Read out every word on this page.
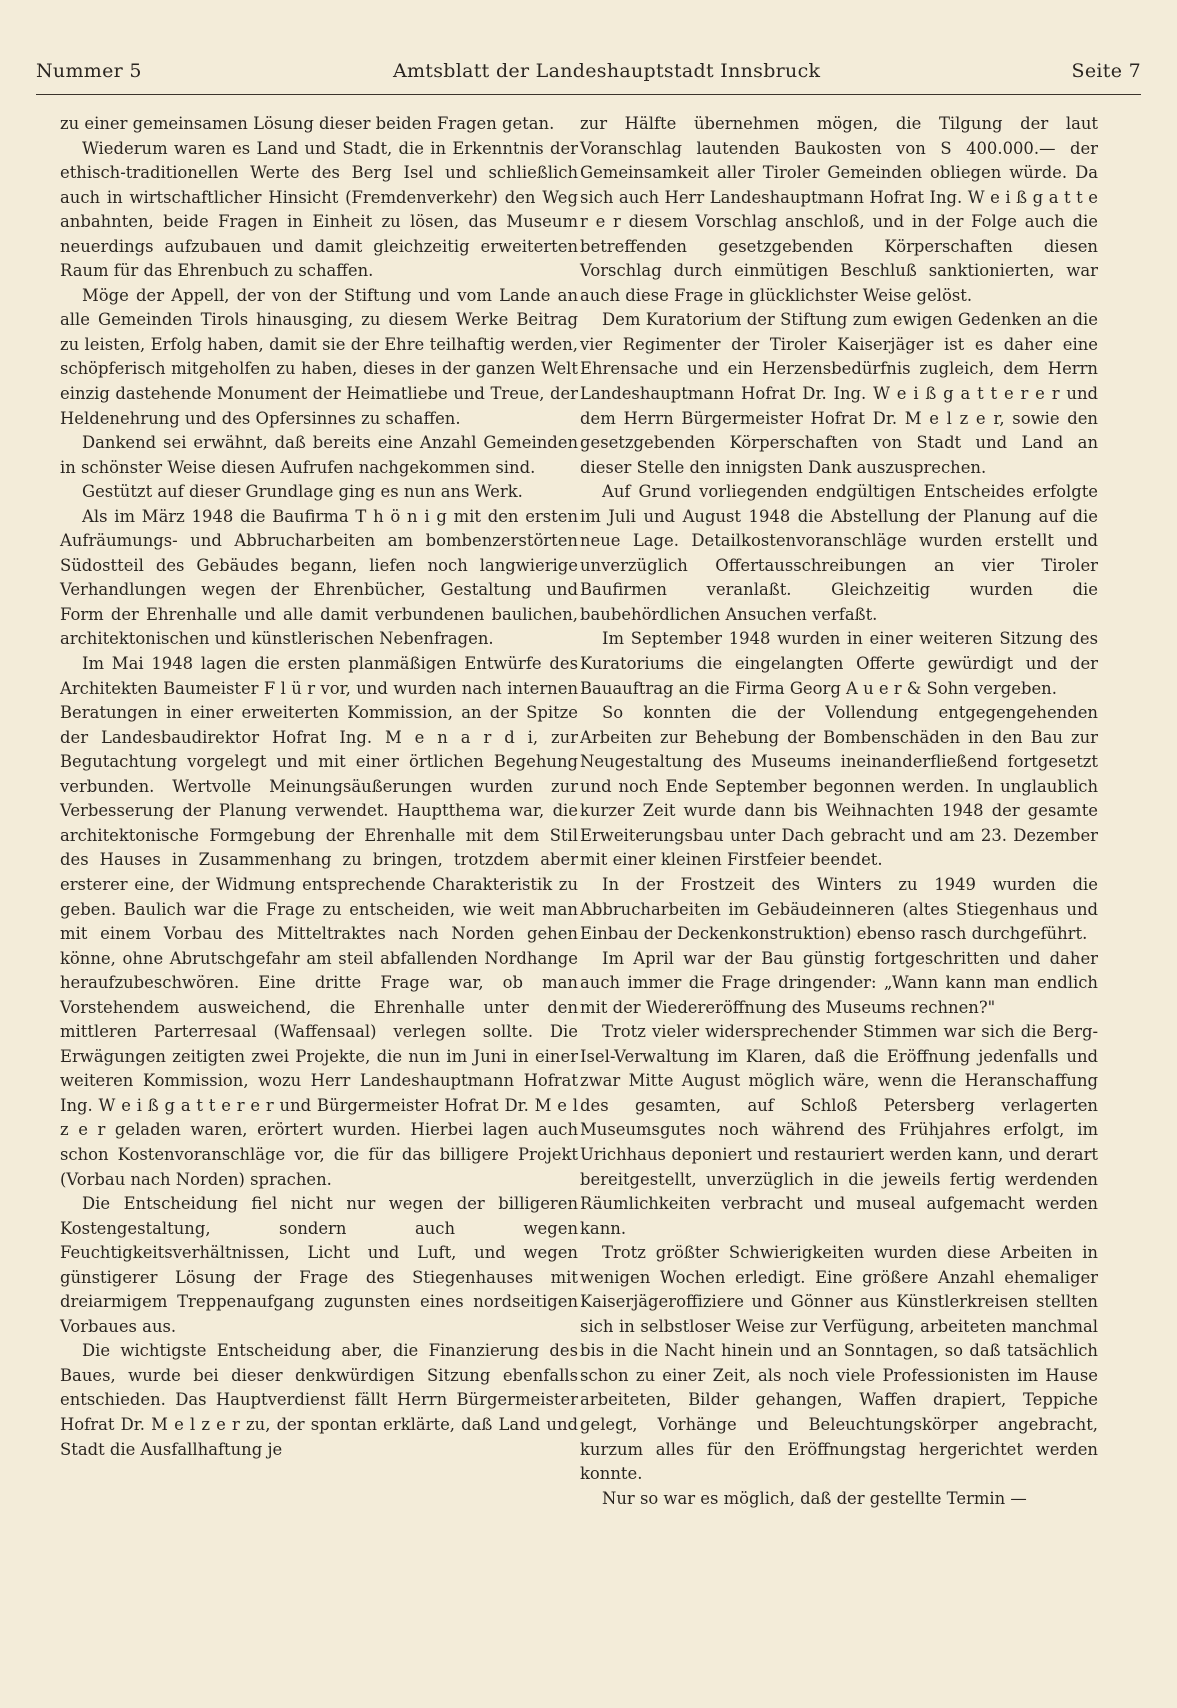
Nummer 5	Amtsblatt der Landeshauptstadt Innsbruck	Seite 7

zu einer gemeinsamen Lösung dieser beiden Fragen getan.

Wiederum waren es Land und Stadt, die in Erkenntnis der ethisch-traditionellen Werte des Berg Isel und schließlich auch in wirtschaftlicher Hinsicht (Fremdenverkehr) den Weg anbahnten, beide Fragen in Einheit zu lösen, das Museum neuerdings aufzubauen und damit gleichzeitig erweiterten Raum für das Ehrenbuch zu schaffen.

Möge der Appell, der von der Stiftung und vom Lande an alle Gemeinden Tirols hinausging, zu diesem Werke Beitrag zu leisten, Erfolg haben, damit sie der Ehre teilhaftig werden, schöpferisch mitgeholfen zu haben, dieses in der ganzen Welt einzig dastehende Monument der Heimatliebe und Treue, der Heldenehrung und des Opfersinnes zu schaffen.

Dankend sei erwähnt, daß bereits eine Anzahl Gemeinden in schönster Weise diesen Aufrufen nachgekommen sind.

Gestützt auf dieser Grundlage ging es nun ans Werk.

Als im März 1948 die Baufirma T h ö n i g mit den ersten Aufräumungs- und Abbrucharbeiten am bombenzerstörten Südostteil des Gebäudes begann, liefen noch langwierige Verhandlungen wegen der Ehrenbücher, Gestaltung und Form der Ehrenhalle und alle damit verbundenen baulichen, architektonischen und künstlerischen Nebenfragen.

Im Mai 1948 lagen die ersten planmäßigen Entwürfe des Architekten Baumeister F l ü r vor, und wurden nach internen Beratungen in einer erweiterten Kommission, an der Spitze der Landesbaudirektor Hofrat Ing. M e n a r d i, zur Begutachtung vorgelegt und mit einer örtlichen Begehung verbunden. Wertvolle Meinungsäußerungen wurden zur Verbesserung der Planung verwendet. Hauptthema war, die architektonische Formgebung der Ehrenhalle mit dem Stil des Hauses in Zusammenhang zu bringen, trotzdem aber ersterer eine, der Widmung entsprechende Charakteristik zu geben. Baulich war die Frage zu entscheiden, wie weit man mit einem Vorbau des Mitteltraktes nach Norden gehen könne, ohne Abrutschgefahr am steil abfallenden Nordhange heraufzubeschwören. Eine dritte Frage war, ob man Vorstehendem ausweichend, die Ehrenhalle unter den mittleren Parterresaal (Waffensaal) verlegen sollte. Die Erwägungen zeitigten zwei Projekte, die nun im Juni in einer weiteren Kommission, wozu Herr Landeshauptmann Hofrat Ing. W e i ß g a t t e r e r und Bürgermeister Hofrat Dr. M e l z e r geladen waren, erörtert wurden. Hierbei lagen auch schon Kostenvoranschläge vor, die für das billigere Projekt (Vorbau nach Norden) sprachen.

Die Entscheidung fiel nicht nur wegen der billigeren Kostengestaltung, sondern auch wegen Feuchtigkeitsverhältnissen, Licht und Luft, und wegen günstigerer Lösung der Frage des Stiegenhauses mit dreiarmigem Treppenaufgang zugunsten eines nordseitigen Vorbaues aus.

Die wichtigste Entscheidung aber, die Finanzierung des Baues, wurde bei dieser denkwürdigen Sitzung ebenfalls entschieden. Das Hauptverdienst fällt Herrn Bürgermeister Hofrat Dr. M e l z e r zu, der spontan erklärte, daß Land und Stadt die Ausfallhaftung je

zur Hälfte übernehmen mögen, die Tilgung der laut Voranschlag lautenden Baukosten von S 400.000.— der Gemeinsamkeit aller Tiroler Gemeinden obliegen würde. Da sich auch Herr Landeshauptmann Hofrat Ing. W e i ß g a t t e r e r diesem Vorschlag anschloß, und in der Folge auch die betreffenden gesetzgebenden Körperschaften diesen Vorschlag durch einmütigen Beschluß sanktionierten, war auch diese Frage in glücklichster Weise gelöst.

Dem Kuratorium der Stiftung zum ewigen Gedenken an die vier Regimenter der Tiroler Kaiserjäger ist es daher eine Ehrensache und ein Herzensbedürfnis zugleich, dem Herrn Landeshauptmann Hofrat Dr. Ing. W e i ß g a t t e r e r und dem Herrn Bürgermeister Hofrat Dr. M e l z e r, sowie den gesetzgebenden Körperschaften von Stadt und Land an dieser Stelle den innigsten Dank auszusprechen.

Auf Grund vorliegenden endgültigen Entscheides erfolgte im Juli und August 1948 die Abstellung der Planung auf die neue Lage. Detailkostenvoranschläge wurden erstellt und unverzüglich Offertausschreibungen an vier Tiroler Baufirmen veranlaßt. Gleichzeitig wurden die baubehördlichen Ansuchen verfaßt.

Im September 1948 wurden in einer weiteren Sitzung des Kuratoriums die eingelangten Offerte gewürdigt und der Bauauftrag an die Firma Georg A u e r & Sohn vergeben.

So konnten die der Vollendung entgegengehenden Arbeiten zur Behebung der Bombenschäden in den Bau zur Neugestaltung des Museums ineinanderfließend fortgesetzt und noch Ende September begonnen werden. In unglaublich kurzer Zeit wurde dann bis Weihnachten 1948 der gesamte Erweiterungsbau unter Dach gebracht und am 23. Dezember mit einer kleinen Firstfeier beendet.

In der Frostzeit des Winters zu 1949 wurden die Abbrucharbeiten im Gebäudeinneren (altes Stiegenhaus und Einbau der Deckenkonstruktion) ebenso rasch durchgeführt.

Im April war der Bau günstig fortgeschritten und daher auch immer die Frage dringender: „Wann kann man endlich mit der Wiedereröffnung des Museums rechnen?"

Trotz vieler widersprechender Stimmen war sich die Berg-Isel-Verwaltung im Klaren, daß die Eröffnung jedenfalls und zwar Mitte August möglich wäre, wenn die Heranschaffung des gesamten, auf Schloß Petersberg verlagerten Museumsgutes noch während des Frühjahres erfolgt, im Urichhaus deponiert und restauriert werden kann, und derart bereitgestellt, unverzüglich in die jeweils fertig werdenden Räumlichkeiten verbracht und museal aufgemacht werden kann.

Trotz größter Schwierigkeiten wurden diese Arbeiten in wenigen Wochen erledigt. Eine größere Anzahl ehemaliger Kaiserjägeroffiziere und Gönner aus Künstlerkreisen stellten sich in selbstloser Weise zur Verfügung, arbeiteten manchmal bis in die Nacht hinein und an Sonntagen, so daß tatsächlich schon zu einer Zeit, als noch viele Professionisten im Hause arbeiteten, Bilder gehangen, Waffen drapiert, Teppiche gelegt, Vorhänge und Beleuchtungskörper angebracht, kurzum alles für den Eröffnungstag hergerichtet werden konnte.

Nur so war es möglich, daß der gestellte Termin —
